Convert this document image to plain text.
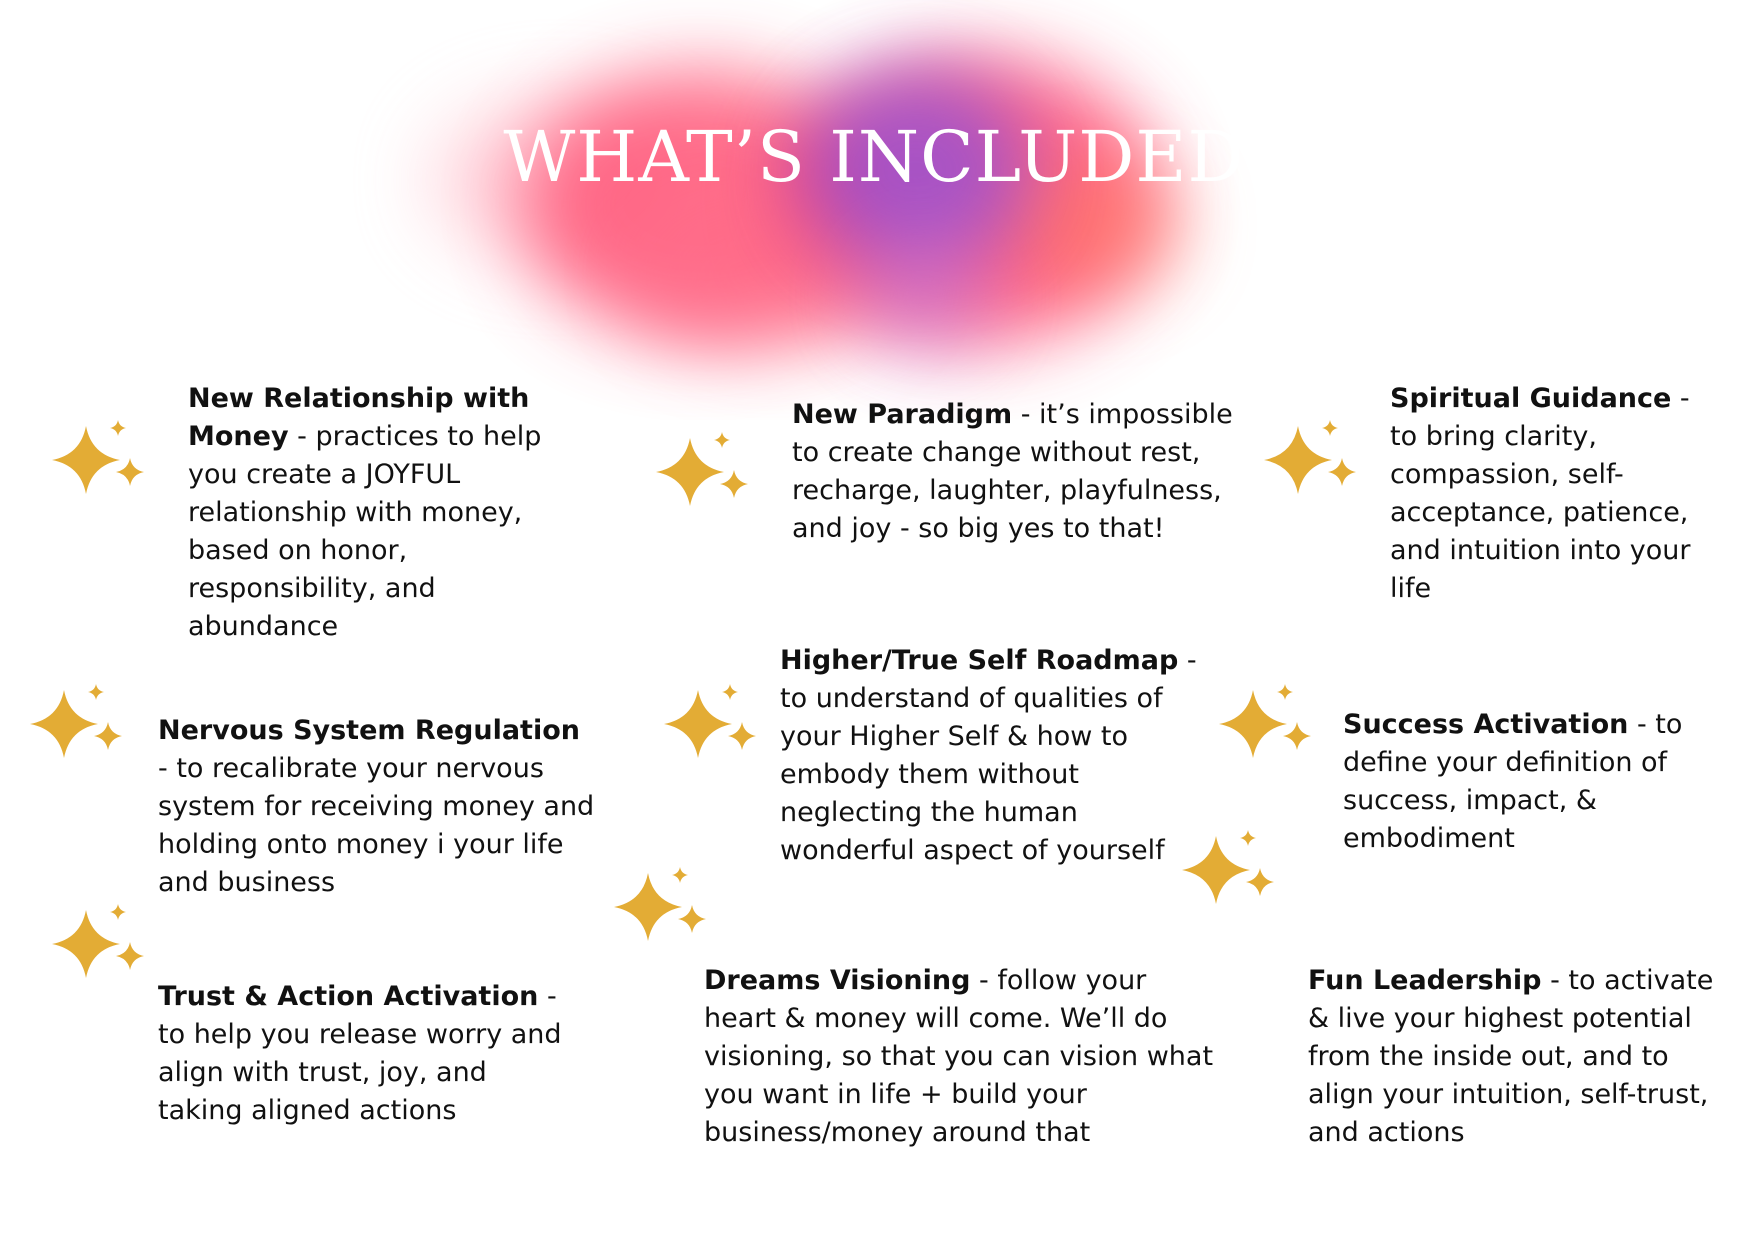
WHAT’S INCLUDED
New Relationship with Money - practices to help you create a JOYFUL relationship with money, based on honor, responsibility, and abundance
New Paradigm - it’s impossible to create change without rest, recharge, laughter, playfulness, and joy - so big yes to that!
Spiritual Guidance - to bring clarity, compassion, self-acceptance, patience, and intuition into your life
Nervous System Regulation - to recalibrate your nervous system for receiving money and holding onto money i your life and business
Higher/True Self Roadmap - to understand of qualities of your Higher Self & how to embody them without neglecting the human wonderful aspect of yourself
Success Activation - to define your definition of success, impact, & embodiment
Trust & Action Activation - to help you release worry and align with trust, joy, and taking aligned actions
Dreams Visioning - follow your heart & money will come. We’ll do visioning, so that you can vision what you want in life + build your business/money around that
Fun Leadership - to activate & live your highest potential from the inside out, and to align your intuition, self-trust, and actions
